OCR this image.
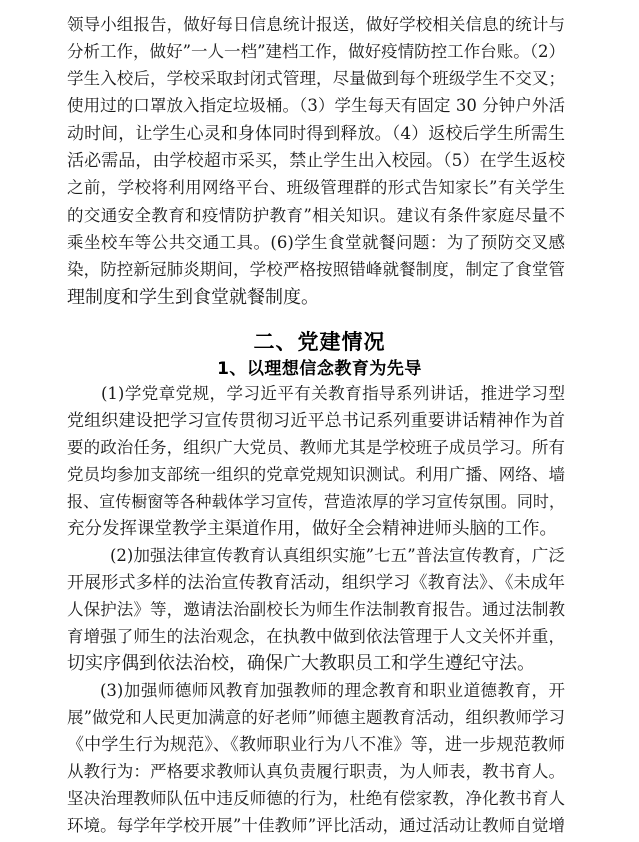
领导小组报告，做好每日信息统计报送，做好学校相关信息的统计与
分析工作，做好”一人一档”建档工作，做好疫情防控工作台账。（2）
学生入校后，学校采取封闭式管理，尽量做到每个班级学生不交叉；
使用过的口罩放入指定垃圾桶。（3）学生每天有固定 30 分钟户外活
动时间，让学生心灵和身体同时得到释放。（4）返校后学生所需生
活必需品，由学校超市采买，禁止学生出入校园。（5）在学生返校
之前，学校将利用网络平台、班级管理群的形式告知家长”有关学生
的交通安全教育和疫情防护教育”相关知识。建议有条件家庭尽量不
乘坐校车等公共交通工具。(6)学生食堂就餐问题：为了预防交叉感
染，防控新冠肺炎期间，学校严格按照错峰就餐制度，制定了食堂管
理制度和学生到食堂就餐制度。
二、党建情况
1、以理想信念教育为先导
(1)学党章党规，学习近平有关教育指导系列讲话，推进学习型
党组织建设把学习宣传贯彻习近平总书记系列重要讲话精神作为首
要的政治任务，组织广大党员、教师尤其是学校班子成员学习。所有
党员均参加支部统一组织的党章党规知识测试。利用广播、网络、墙
报、宣传橱窗等各种载体学习宣传，营造浓厚的学习宣传氛围。同时，
充分发挥课堂教学主渠道作用，做好全会精神进师头脑的工作。
(2)加强法律宣传教育认真组织实施”七五”普法宣传教育，广泛
开展形式多样的法治宣传教育活动，组织学习《教育法》、《未成年
人保护法》等，邀请法治副校长为师生作法制教育报告。通过法制教
育增强了师生的法治观念，在执教中做到依法管理于人文关怀并重，
切实序偶到依法治校，确保广大教职员工和学生遵纪守法。
(3)加强师德师风教育加强教师的理念教育和职业道德教育，开
展”做党和人民更加满意的好老师”师德主题教育活动，组织教师学习
《中学生行为规范》、《教师职业行为八不准》等，进一步规范教师
从教行为：严格要求教师认真负责履行职责，为人师表，教书育人。
坚决治理教师队伍中违反师德的行为，杜绝有偿家教，净化教书育人
环境。每学年学校开展”十佳教师”评比活动，通过活动让教师自觉增
